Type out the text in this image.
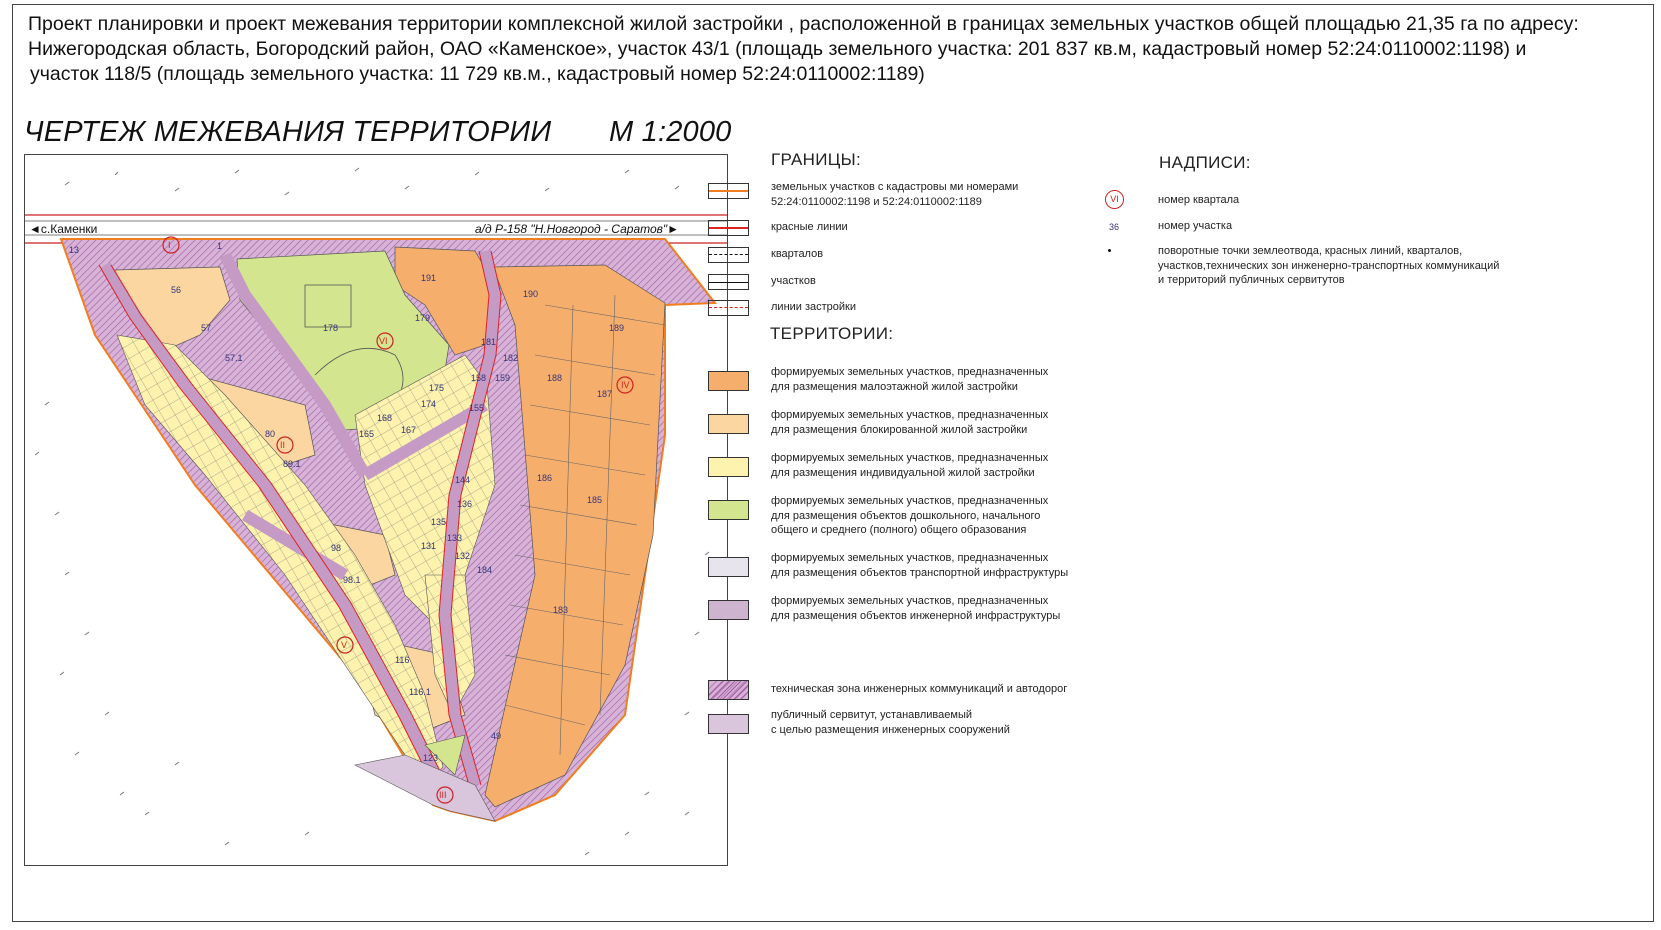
Проект планировки и проект межевания территории комплексной жилой застройки , расположенной в границах земельных участков общей площадью 21,35 га по адресу:
Нижегородская область, Богородский район, ОАО «Каменское», участок 43/1 (площадь земельного участка: 201 837 кв.м, кадастровый номер 52:24:0110002:1198) и
участок 118/5 (площадь земельного участка: 11 729 кв.м., кадастровый номер 52:24:0110002:1189)
ЧЕРТЕЖ МЕЖЕВАНИЯ ТЕРРИТОРИИ М 1:2000
◄с.Каменки	а/д Р-158 "Н.Новгород - Саратов"►
191
190
189
179
178
188
187
186
185
184
183
56
57
57.1
80
89.1
98
98.1
116
116.1
123
49
13	1
175
174
168
167
165
135
133
131
132
181
182
158 159
155
144
136
I
VI
II
III
IV
V
ГРАНИЦЫ:	НАДПИСИ:
ТЕРРИТОРИИ:
земельных участков с кадастровы ми номерами
52:24:0110002:1198 и 52:24:0110002:1189
красные линии
кварталов
участков
линии застройки
VI	номер квартала
36	номер участка
поворотные точки землеотвода, красных линий, кварталов,
участков,технических зон инженерно-транспортных коммуникаций
и территорий публичных сервитутов
формируемых земельных участков, предназначенных
для размещения малоэтажной жилой застройки
формируемых земельных участков, предназначенных
для размещения блокированной жилой застройки
формируемых земельных участков, предназначенных
для размещения индивидуальной жилой застройки
формируемых земельных участков, предназначенных
для размещения объектов дошкольного, начального
общего и среднего (полного) общего образования
формируемых земельных участков, предназначенных
для размещения объектов транспортной инфраструктуры
формируемых земельных участков, предназначенных
для размещения объектов инженерной инфраструктуры
техническая зона инженерных коммуникаций и автодорог
публичный сервитут, устанавливаемый
с целью размещения инженерных сооружений
